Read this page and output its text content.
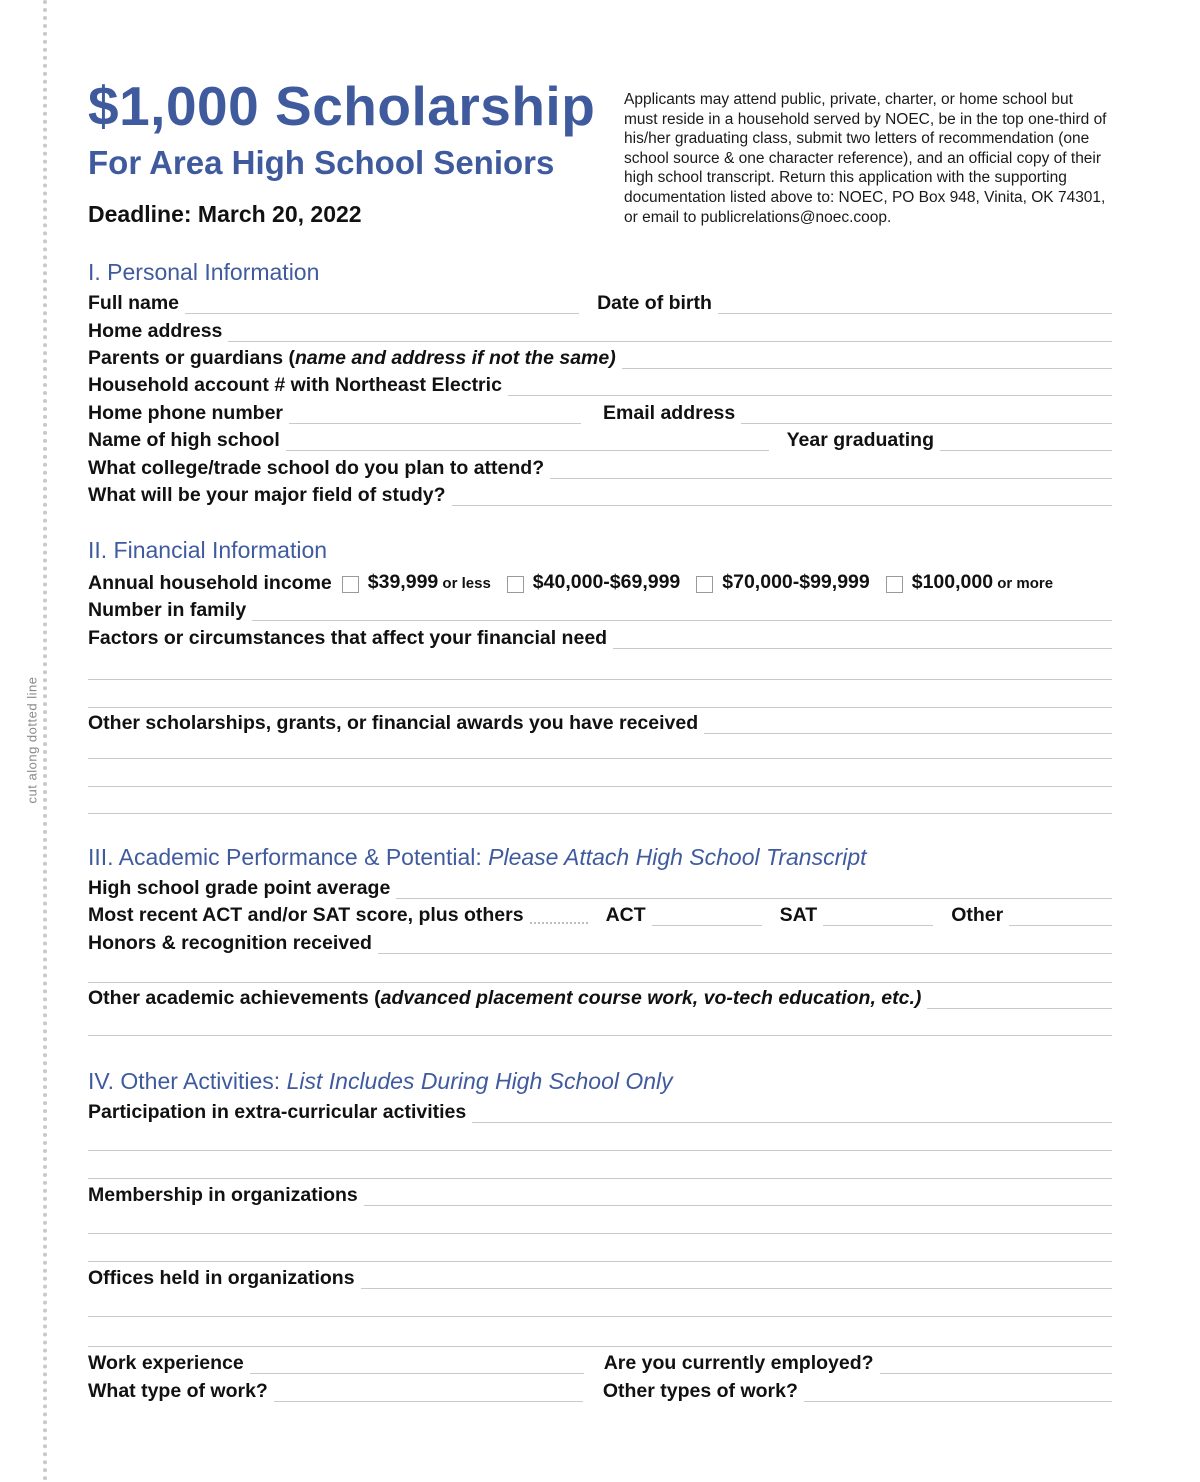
cut along dotted line
$1,000 Scholarship
For Area High School Seniors
Deadline: March 20, 2022
Applicants may attend public, private, charter, or home school but must reside in a household served by NOEC, be in the top one-third of his/her graduating class, submit two letters of recommendation (one school source & one character reference), and an official copy of their high school transcript. Return this application with the supporting documentation listed above to: NOEC, PO Box 948, Vinita, OK 74301, or email to publicrelations@noec.coop.
I. Personal Information
Full name	Date of birth
Home address
Parents or guardians (name and address if not the same)
Household account # with Northeast Electric
Home phone number	Email address
Name of high school	Year graduating
What college/trade school do you plan to attend?
What will be your major field of study?
II. Financial Information
Annual household income $39,999 or less $40,000-$69,999 $70,000-$99,999 $100,000 or more
Number in family
Factors or circumstances that affect your financial need
Other scholarships, grants, or financial awards you have received
III. Academic Performance & Potential: Please Attach High School Transcript
High school grade point average
Most recent ACT and/or SAT score, plus others	ACT	SAT	Other
Honors & recognition received
Other academic achievements (advanced placement course work, vo-tech education, etc.)
IV. Other Activities: List Includes During High School Only
Participation in extra-curricular activities
Membership in organizations
Offices held in organizations
Work experience	Are you currently employed?
What type of work?	Other types of work?
